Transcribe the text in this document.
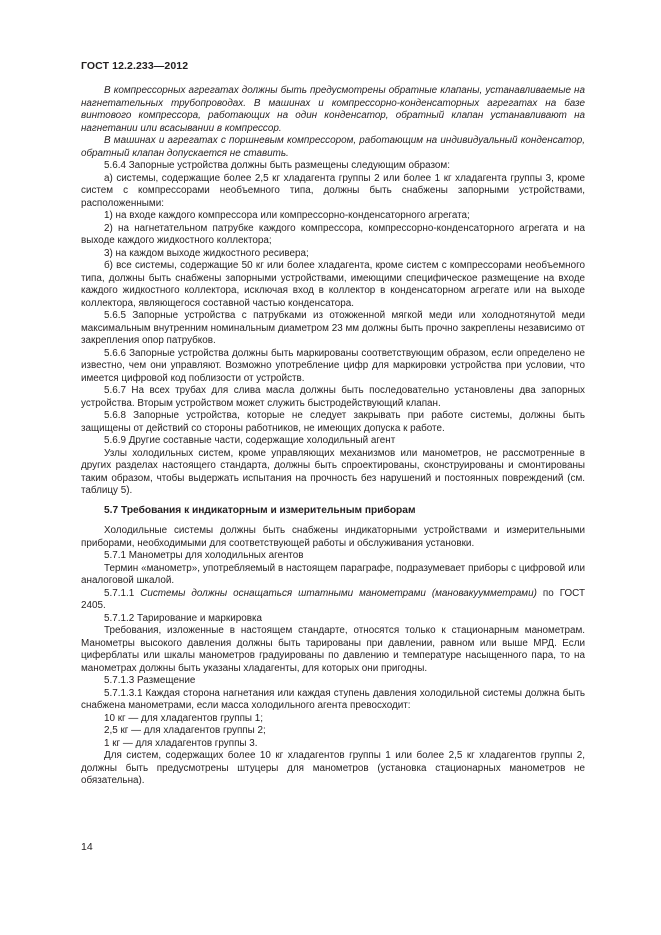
ГОСТ 12.2.233—2012

В компрессорных агрегатах должны быть предусмотрены обратные клапаны, устанавливаемые на нагнетательных трубопроводах. В машинах и компрессорно-конденсаторных агрегатах на базе винтового компрессора, работающих на один конденсатор, обратный клапан устанавливают на нагнетании или всасывании в компрессор.

В машинах и агрегатах с поршневым компрессором, работающим на индивидуальный конденсатор, обратный клапан допускается не ставить.

5.6.4 Запорные устройства должны быть размещены следующим образом:

а) системы, содержащие более 2,5 кг хладагента группы 2 или более 1 кг хладагента группы 3, кроме систем с компрессорами необъемного типа, должны быть снабжены запорными устройствами, расположенными:

1) на входе каждого компрессора или компрессорно-конденсаторного агрегата;

2) на нагнетательном патрубке каждого компрессора, компрессорно-конденсаторного агрегата и на выходе каждого жидкостного коллектора;

3) на каждом выходе жидкостного ресивера;

б) все системы, содержащие 50 кг или более хладагента, кроме систем с компрессорами необъемного типа, должны быть снабжены запорными устройствами, имеющими специфическое размещение на входе каждого жидкостного коллектора, исключая вход в коллектор в конденсаторном агрегате или на выходе коллектора, являющегося составной частью конденсатора.

5.6.5 Запорные устройства с патрубками из отожженной мягкой меди или холоднотянутой меди максимальным внутренним номинальным диаметром 23 мм должны быть прочно закреплены независимо от закрепления опор патрубков.

5.6.6 Запорные устройства должны быть маркированы соответствующим образом, если определено не известно, чем они управляют. Возможно употребление цифр для маркировки устройства при условии, что имеется цифровой код поблизости от устройств.

5.6.7 На всех трубах для слива масла должны быть последовательно установлены два запорных устройства. Вторым устройством может служить быстродействующий клапан.

5.6.8 Запорные устройства, которые не следует закрывать при работе системы, должны быть защищены от действий со стороны работников, не имеющих допуска к работе.

5.6.9 Другие составные части, содержащие холодильный агент

Узлы холодильных систем, кроме управляющих механизмов или манометров, не рассмотренные в других разделах настоящего стандарта, должны быть спроектированы, сконструированы и смонтированы таким образом, чтобы выдержать испытания на прочность без нарушений и постоянных повреждений (см. таблицу 5).

5.7 Требования к индикаторным и измерительным приборам

Холодильные системы должны быть снабжены индикаторными устройствами и измерительными приборами, необходимыми для соответствующей работы и обслуживания установки.

5.7.1 Манометры для холодильных агентов

Термин «манометр», употребляемый в настоящем параграфе, подразумевает приборы с цифровой или аналоговой шкалой.

5.7.1.1 Системы должны оснащаться штатными манометрами (мановакуумметрами) по ГОСТ 2405.

5.7.1.2 Тарирование и маркировка

Требования, изложенные в настоящем стандарте, относятся только к стационарным манометрам. Манометры высокого давления должны быть тарированы при давлении, равном или выше МРД. Если циферблаты или шкалы манометров градуированы по давлению и температуре насыщенного пара, то на манометрах должны быть указаны хладагенты, для которых они пригодны.

5.7.1.3 Размещение

5.7.1.3.1 Каждая сторона нагнетания или каждая ступень давления холодильной системы должна быть снабжена манометрами, если масса холодильного агента превосходит:

10 кг — для хладагентов группы 1;

2,5 кг — для хладагентов группы 2;

1 кг — для хладагентов группы 3.

Для систем, содержащих более 10 кг хладагентов группы 1 или более 2,5 кг хладагентов группы 2, должны быть предусмотрены штуцеры для манометров (установка стационарных манометров не обязательна).

14
